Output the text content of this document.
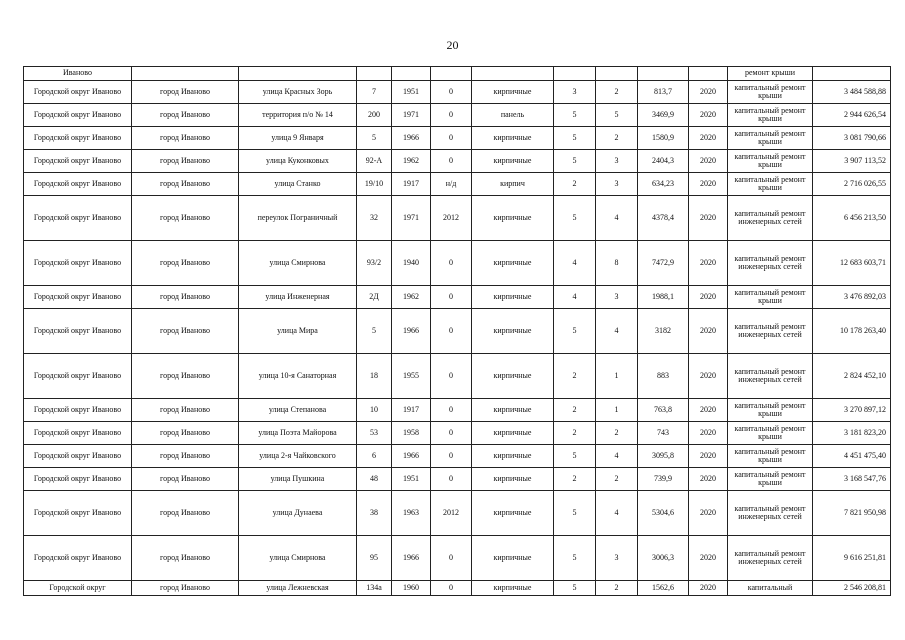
20
Иваново											ремонт крыши	
Городской округ Иваново	город Иваново	улица Красных Зорь	7	1951	0	кирпичные	3	2	813,7	2020	капитальный ремонт крыши	3 484 588,88
Городской округ Иваново	город Иваново	территория п/о № 14	200	1971	0	панель	5	5	3469,9	2020	капитальный ремонт крыши	2 944 626,54
Городской округ Иваново	город Иваново	улица 9 Января	5	1966	0	кирпичные	5	2	1580,9	2020	капитальный ремонт крыши	3 081 790,66
Городской округ Иваново	город Иваново	улица Куконковых	92-А	1962	0	кирпичные	5	3	2404,3	2020	капитальный ремонт крыши	3 907 113,52
Городской округ Иваново	город Иваново	улица Станко	19/10	1917	н/д	кирпич	2	3	634,23	2020	капитальный ремонт крыши	2 716 026,55
Городской округ Иваново	город Иваново	переулок Пограничный	32	1971	2012	кирпичные	5	4	4378,4	2020	капитальный ремонт инженерных сетей	6 456 213,50
Городской округ Иваново	город Иваново	улица Смирнова	93/2	1940	0	кирпичные	4	8	7472,9	2020	капитальный ремонт инженерных сетей	12 683 603,71
Городской округ Иваново	город Иваново	улица Инженерная	2Д	1962	0	кирпичные	4	3	1988,1	2020	капитальный ремонт крыши	3 476 892,03
Городской округ Иваново	город Иваново	улица Мира	5	1966	0	кирпичные	5	4	3182	2020	капитальный ремонт инженерных сетей	10 178 263,40
Городской округ Иваново	город Иваново	улица 10-я Санаторная	18	1955	0	кирпичные	2	1	883	2020	капитальный ремонт инженерных сетей	2 824 452,10
Городской округ Иваново	город Иваново	улица Степанова	10	1917	0	кирпичные	2	1	763,8	2020	капитальный ремонт крыши	3 270 897,12
Городской округ Иваново	город Иваново	улица Поэта Майорова	53	1958	0	кирпичные	2	2	743	2020	капитальный ремонт крыши	3 181 823,20
Городской округ Иваново	город Иваново	улица 2-я Чайковского	6	1966	0	кирпичные	5	4	3095,8	2020	капитальный ремонт крыши	4 451 475,40
Городской округ Иваново	город Иваново	улица Пушкина	48	1951	0	кирпичные	2	2	739,9	2020	капитальный ремонт крыши	3 168 547,76
Городской округ Иваново	город Иваново	улица Дунаева	38	1963	2012	кирпичные	5	4	5304,6	2020	капитальный ремонт инженерных сетей	7 821 950,98
Городской округ Иваново	город Иваново	улица Смирнова	95	1966	0	кирпичные	5	3	3006,3	2020	капитальный ремонт инженерных сетей	9 616 251,81
Городской округ	город Иваново	улица Лежневская	134а	1960	0	кирпичные	5	2	1562,6	2020	капитальный	2 546 208,81
